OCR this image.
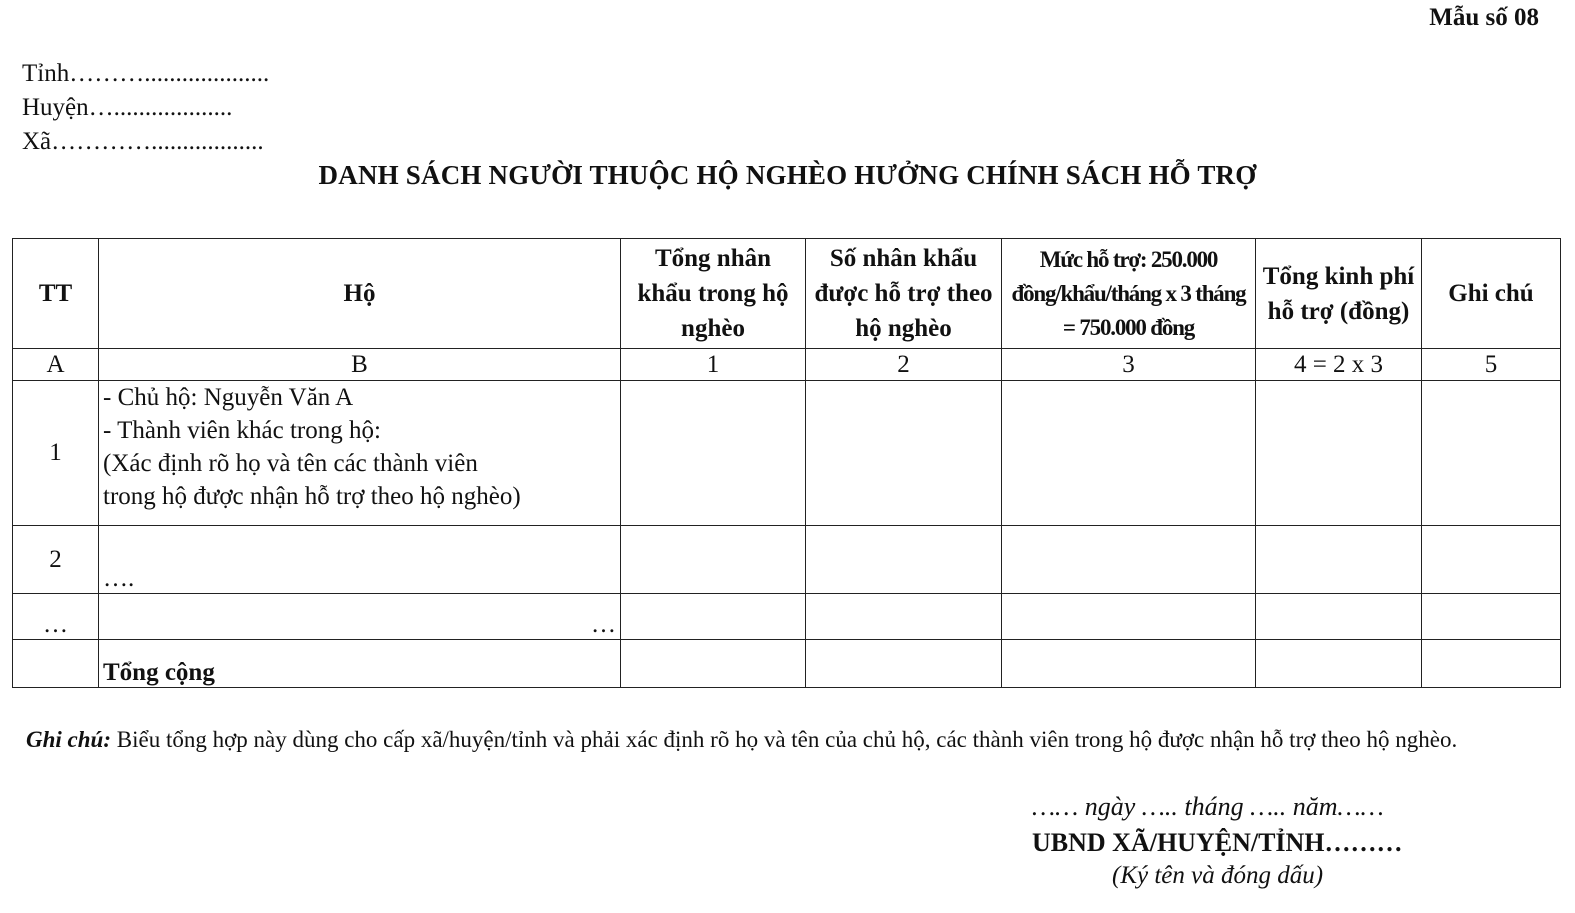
Mẫu số 08
Tỉnh………....................
Huyện…...................
Xã…………..................
DANH SÁCH NGƯỜI THUỘC HỘ NGHÈO HƯỞNG CHÍNH SÁCH HỖ TRỢ
TT	Hộ	Tổng nhân khẩu trong hộ nghèo	Số nhân khẩu được hỗ trợ theo hộ nghèo	Mức hỗ trợ: 250.000 đồng/khẩu/tháng x 3 tháng = 750.000 đồng	Tổng kinh phí hỗ trợ (đồng)	Ghi chú
A	B	1	2	3	4 = 2 x 3	5
1	- Chủ hộ: Nguyễn Văn A
- Thành viên khác trong hộ:
(Xác định rõ họ và tên các thành viên
trong hộ được nhận hỗ trợ theo hộ nghèo)					

2	….					
…	…					
	Tổng cộng					
Ghi chú: Biểu tổng hợp này dùng cho cấp xã/huyện/tỉnh và phải xác định rõ họ và tên của chủ hộ, các thành viên trong hộ được nhận hỗ trợ theo hộ nghèo.
…… ngày ….. tháng ….. năm……
UBND XÃ/HUYỆN/TỈNH………
(Ký tên và đóng dấu)
